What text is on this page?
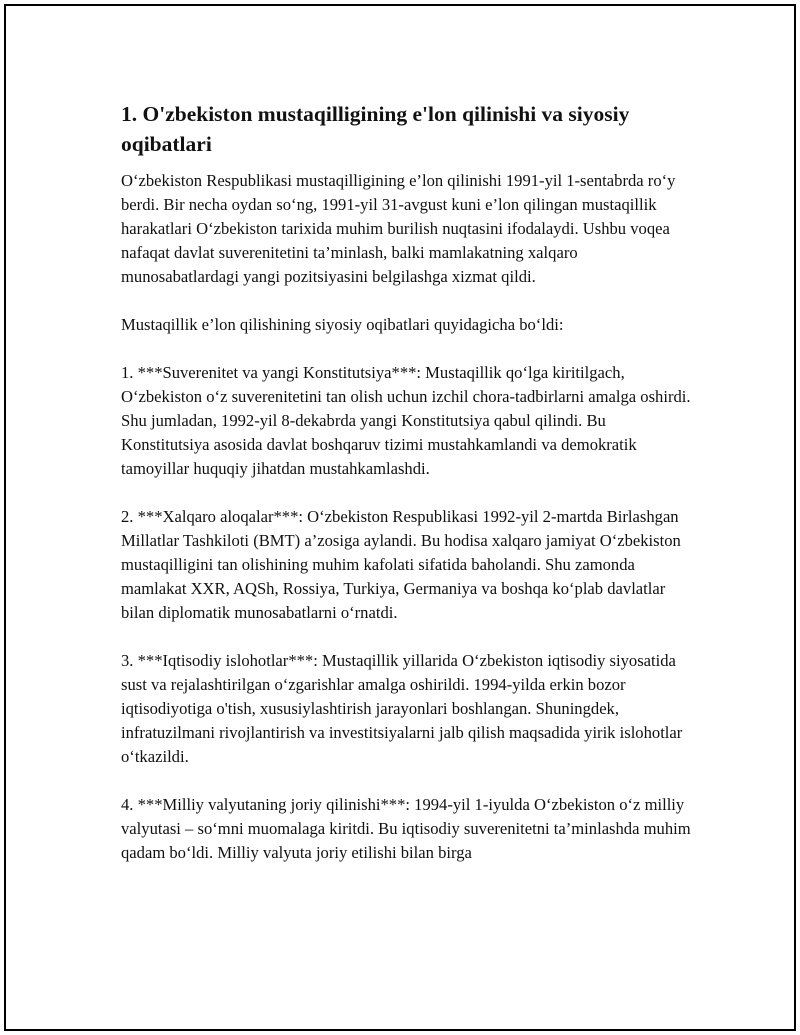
1. O'zbekiston mustaqilligining e'lon qilinishi va siyosiy oqibatlari

O‘zbekiston Respublikasi mustaqilligining e’lon qilinishi 1991-yil 1-sentabrda ro‘y berdi. Bir necha oydan so‘ng, 1991-yil 31-avgust kuni e’lon qilingan mustaqillik harakatlari O‘zbekiston tarixida muhim burilish nuqtasini ifodalaydi. Ushbu voqea nafaqat davlat suverenitetini ta’minlash, balki mamlakatning xalqaro munosabatlardagi yangi pozitsiyasini belgilashga xizmat qildi.

Mustaqillik e’lon qilishining siyosiy oqibatlari quyidagicha bo‘ldi:

1. ***Suverenitet va yangi Konstitutsiya***: Mustaqillik qo‘lga kiritilgach, O‘zbekiston o‘z suverenitetini tan olish uchun izchil chora-tadbirlarni amalga oshirdi. Shu jumladan, 1992-yil 8-dekabrda yangi Konstitutsiya qabul qilindi. Bu Konstitutsiya asosida davlat boshqaruv tizimi mustahkamlandi va demokratik tamoyillar huquqiy jihatdan mustahkamlashdi.

2. ***Xalqaro aloqalar***: O‘zbekiston Respublikasi 1992-yil 2-martda Birlashgan Millatlar Tashkiloti (BMT) a’zosiga aylandi. Bu hodisa xalqaro jamiyat O‘zbekiston mustaqilligini tan olishining muhim kafolati sifatida baholandi. Shu zamonda mamlakat XXR, AQSh, Rossiya, Turkiya, Germaniya va boshqa ko‘plab davlatlar bilan diplomatik munosabatlarni o‘rnatdi.

3. ***Iqtisodiy islohotlar***: Mustaqillik yillarida O‘zbekiston iqtisodiy siyosatida sust va rejalashtirilgan o‘zgarishlar amalga oshirildi. 1994-yilda erkin bozor iqtisodiyotiga o'tish, xususiylashtirish jarayonlari boshlangan. Shuningdek, infratuzilmani rivojlantirish va investitsiyalarni jalb qilish maqsadida yirik islohotlar o‘tkazildi.

4. ***Milliy valyutaning joriy qilinishi***: 1994-yil 1-iyulda O‘zbekiston o‘z milliy valyutasi – so‘mni muomalaga kiritdi. Bu iqtisodiy suverenitetni ta’minlashda muhim qadam bo‘ldi. Milliy valyuta joriy etilishi bilan birga
